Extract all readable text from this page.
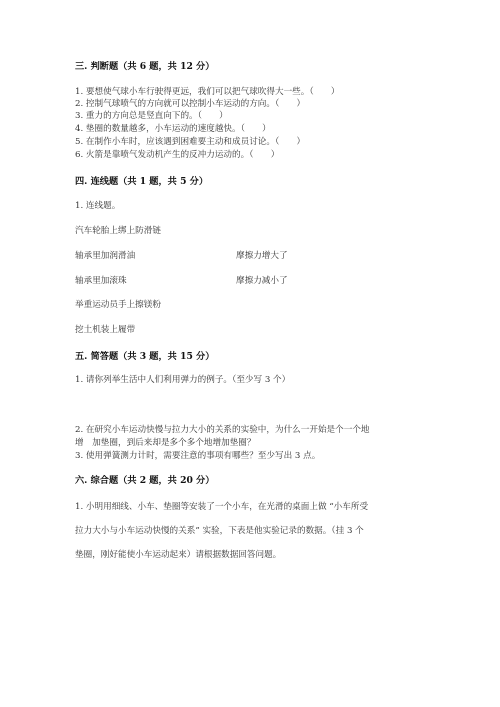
三. 判断题（共 6 题，共 12 分）
1. 要想使气球小车行驶得更远，我们可以把气球吹得大一些。（　　）
2. 控制气球喷气的方向就可以控制小车运动的方向。（　　）
3. 重力的方向总是竖直向下的。（　　）
4. 垫圈的数量越多，小车运动的速度越快。（　　）
5. 在制作小车时，应该遇到困难要主动和成员讨论。（　　）
6. 火箭是靠喷气发动机产生的反冲力运动的。（　　）
四. 连线题（共 1 题，共 5 分）
1. 连线题。
汽车轮胎上绑上防滑链
轴承里加润滑油	摩擦力增大了
轴承里加滚珠	摩擦力减小了
举重运动员手上擦镁粉
挖土机装上履带
五. 简答题（共 3 题，共 15 分）
1. 请你列举生活中人们利用弹力的例子。（至少写 3 个）
2. 在研究小车运动快慢与拉力大小的关系的实验中，为什么一开始是个一个地
增　加垫圈，到后来却是多个多个地增加垫圈？
3. 使用弹簧测力计时，需要注意的事项有哪些？至少写出 3 点。
六. 综合题（共 2 题，共 20 分）
1. 小明用细线、小车、垫圈等安装了一个小车，在光滑的桌面上做 “小车所受
拉力大小与小车运动快慢的关系” 实验，下表是他实验记录的数据。（挂 3 个
垫圈，刚好能使小车运动起来）请根据数据回答问题。
